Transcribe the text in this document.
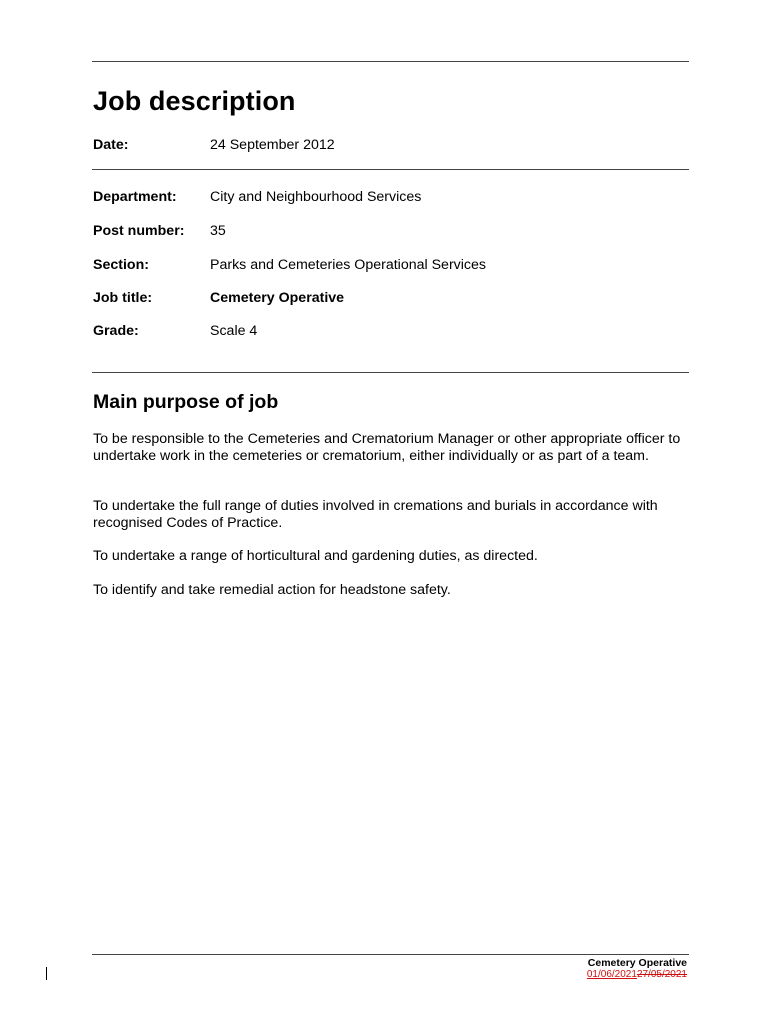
Job description
Date:	24 September 2012
Department: City and Neighbourhood Services
Post number: 35
Section:	Parks and Cemeteries Operational Services
Job title:	Cemetery Operative
Grade:	Scale 4
Main purpose of job

To be responsible to the Cemeteries and Crematorium Manager or other appropriate officer to undertake work in the cemeteries or crematorium, either individually or as part of a team.

To undertake the full range of duties involved in cremations and burials in accordance with recognised Codes of Practice.

To undertake a range of horticultural and gardening duties, as directed.

To identify and take remedial action for headstone safety.

Cemetery Operative
01/06/202127/05/2021
